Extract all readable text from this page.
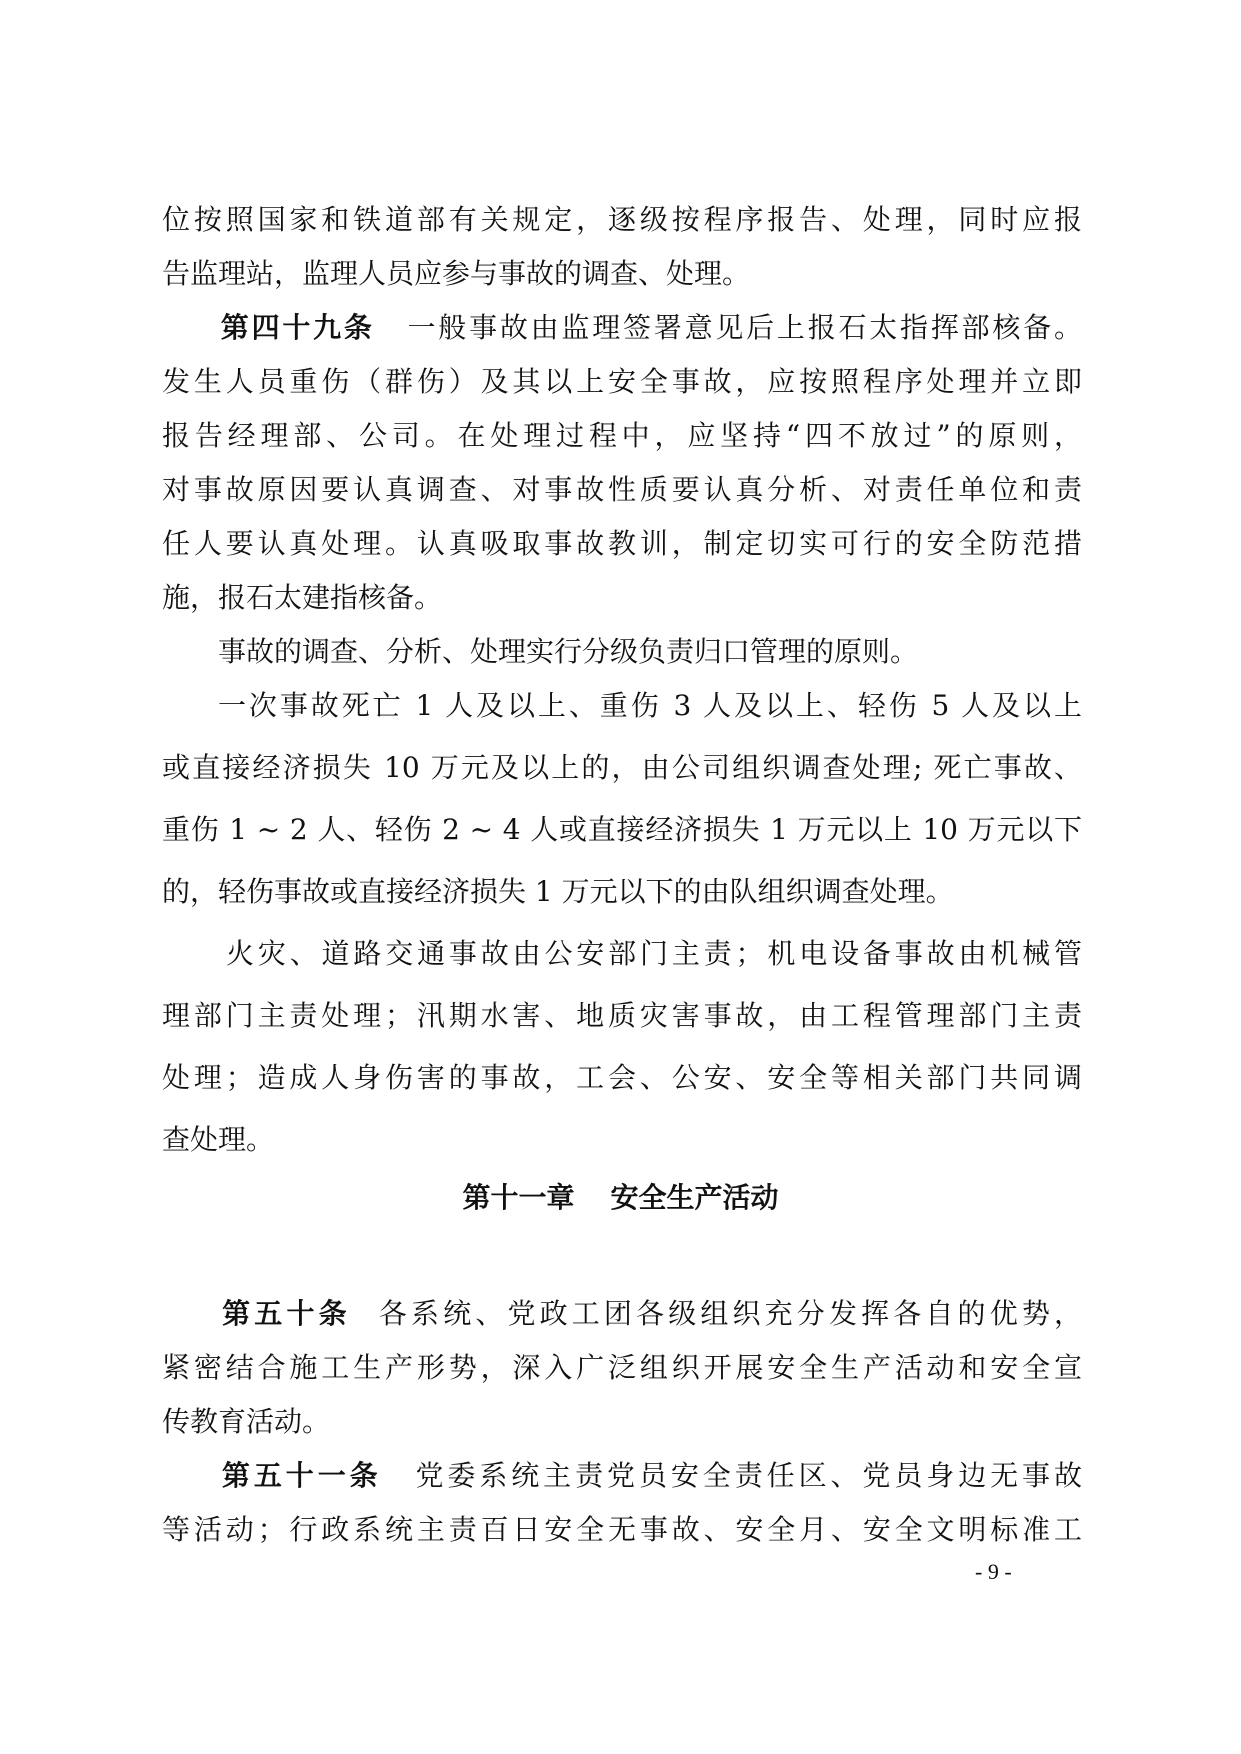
位按照国家和铁道部有关规定，逐级按程序报告、处理，同时应报
告监理站，监理人员应参与事故的调查、处理。
第四十九条 一般事故由监理签署意见后上报石太指挥部核备。
发生人员重伤（群伤）及其以上安全事故，应按照程序处理并立即
报告经理部、公司。在处理过程中，应坚持“四不放过”的原则，
对事故原因要认真调查、对事故性质要认真分析、对责任单位和责
任人要认真处理。认真吸取事故教训，制定切实可行的安全防范措
施，报石太建指核备。
事故的调查、分析、处理实行分级负责归口管理的原则。
一次事故死亡 1 人及以上、重伤 3 人及以上、轻伤 5 人及以上
或直接经济损失 10 万元及以上的，由公司组织调查处理; 死亡事故、
重伤 1 ~ 2 人、轻伤 2 ~ 4 人或直接经济损失 1 万元以上 10 万元以下
的，轻伤事故或直接经济损失 1 万元以下的由队组织调查处理。
火灾、道路交通事故由公安部门主责；机电设备事故由机械管
理部门主责处理；汛期水害、地质灾害事故，由工程管理部门主责
处理；造成人身伤害的事故，工会、公安、安全等相关部门共同调
查处理。
第十一章 安全生产活动
第五十条 各系统、党政工团各级组织充分发挥各自的优势，
紧密结合施工生产形势，深入广泛组织开展安全生产活动和安全宣
传教育活动。
第五十一条 党委系统主责党员安全责任区、党员身边无事故
等活动；行政系统主责百日安全无事故、安全月、安全文明标准工
- 9 -
